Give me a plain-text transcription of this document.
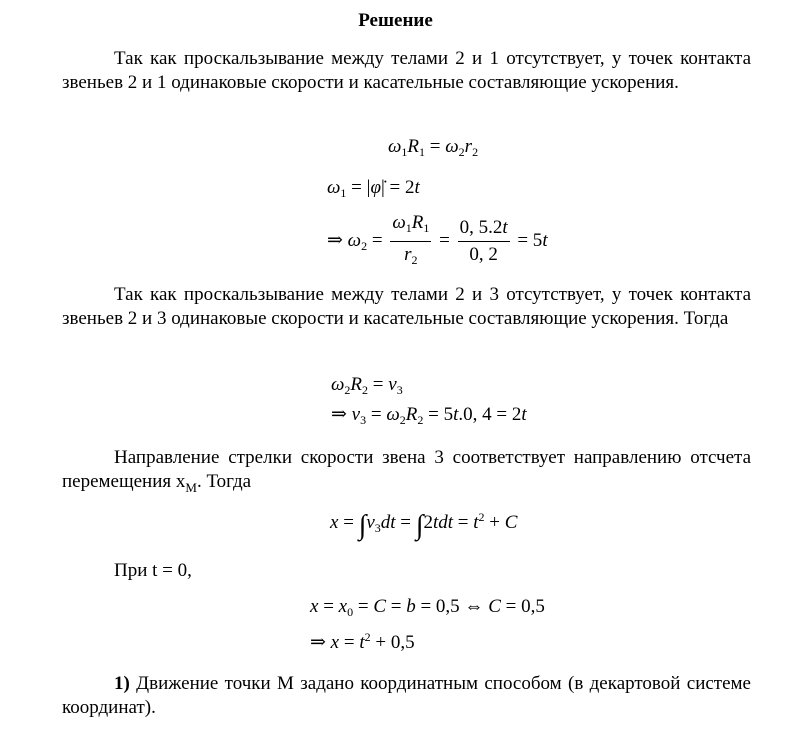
Решение
Так как проскальзывание между телами 2 и 1 отсутствует, у точек контакта звеньев 2 и 1 одинаковые скорости и касательные составляющие ускорения.
$\omega_1R_1 = \omega_2r_2$
$\omega_1$ = |φ̇| = 2t
⇒ $\omega_2 = \frac{\omega_1R_1}{r_2} = \frac{0, 5.2t}{0, 2} = 5t$
Так как проскальзывание между телами 2 и 3 отсутствует, у точек контакта звеньев 2 и 3 одинаковые скорости и касательные составляющие ускорения. Тогда
$\omega_2R_2 = v_3$
⇒ $v_3 = \omega_2R_2 = 5t.0$, 4 = 2t
Направление стрелки скорости звена 3 соответствует направлению отсчета перемещения $x_M$. Тогда
$x = \int v_3dt = \int 2tdt = t^2 + C$
При t = 0,
$x = x_0 = C = b = 0,5$ ⇔ C = 0,5
⇒ $x = t^2 + 0,5$
1) Движение точки М задано координатным способом (в декартовой системе координат).
